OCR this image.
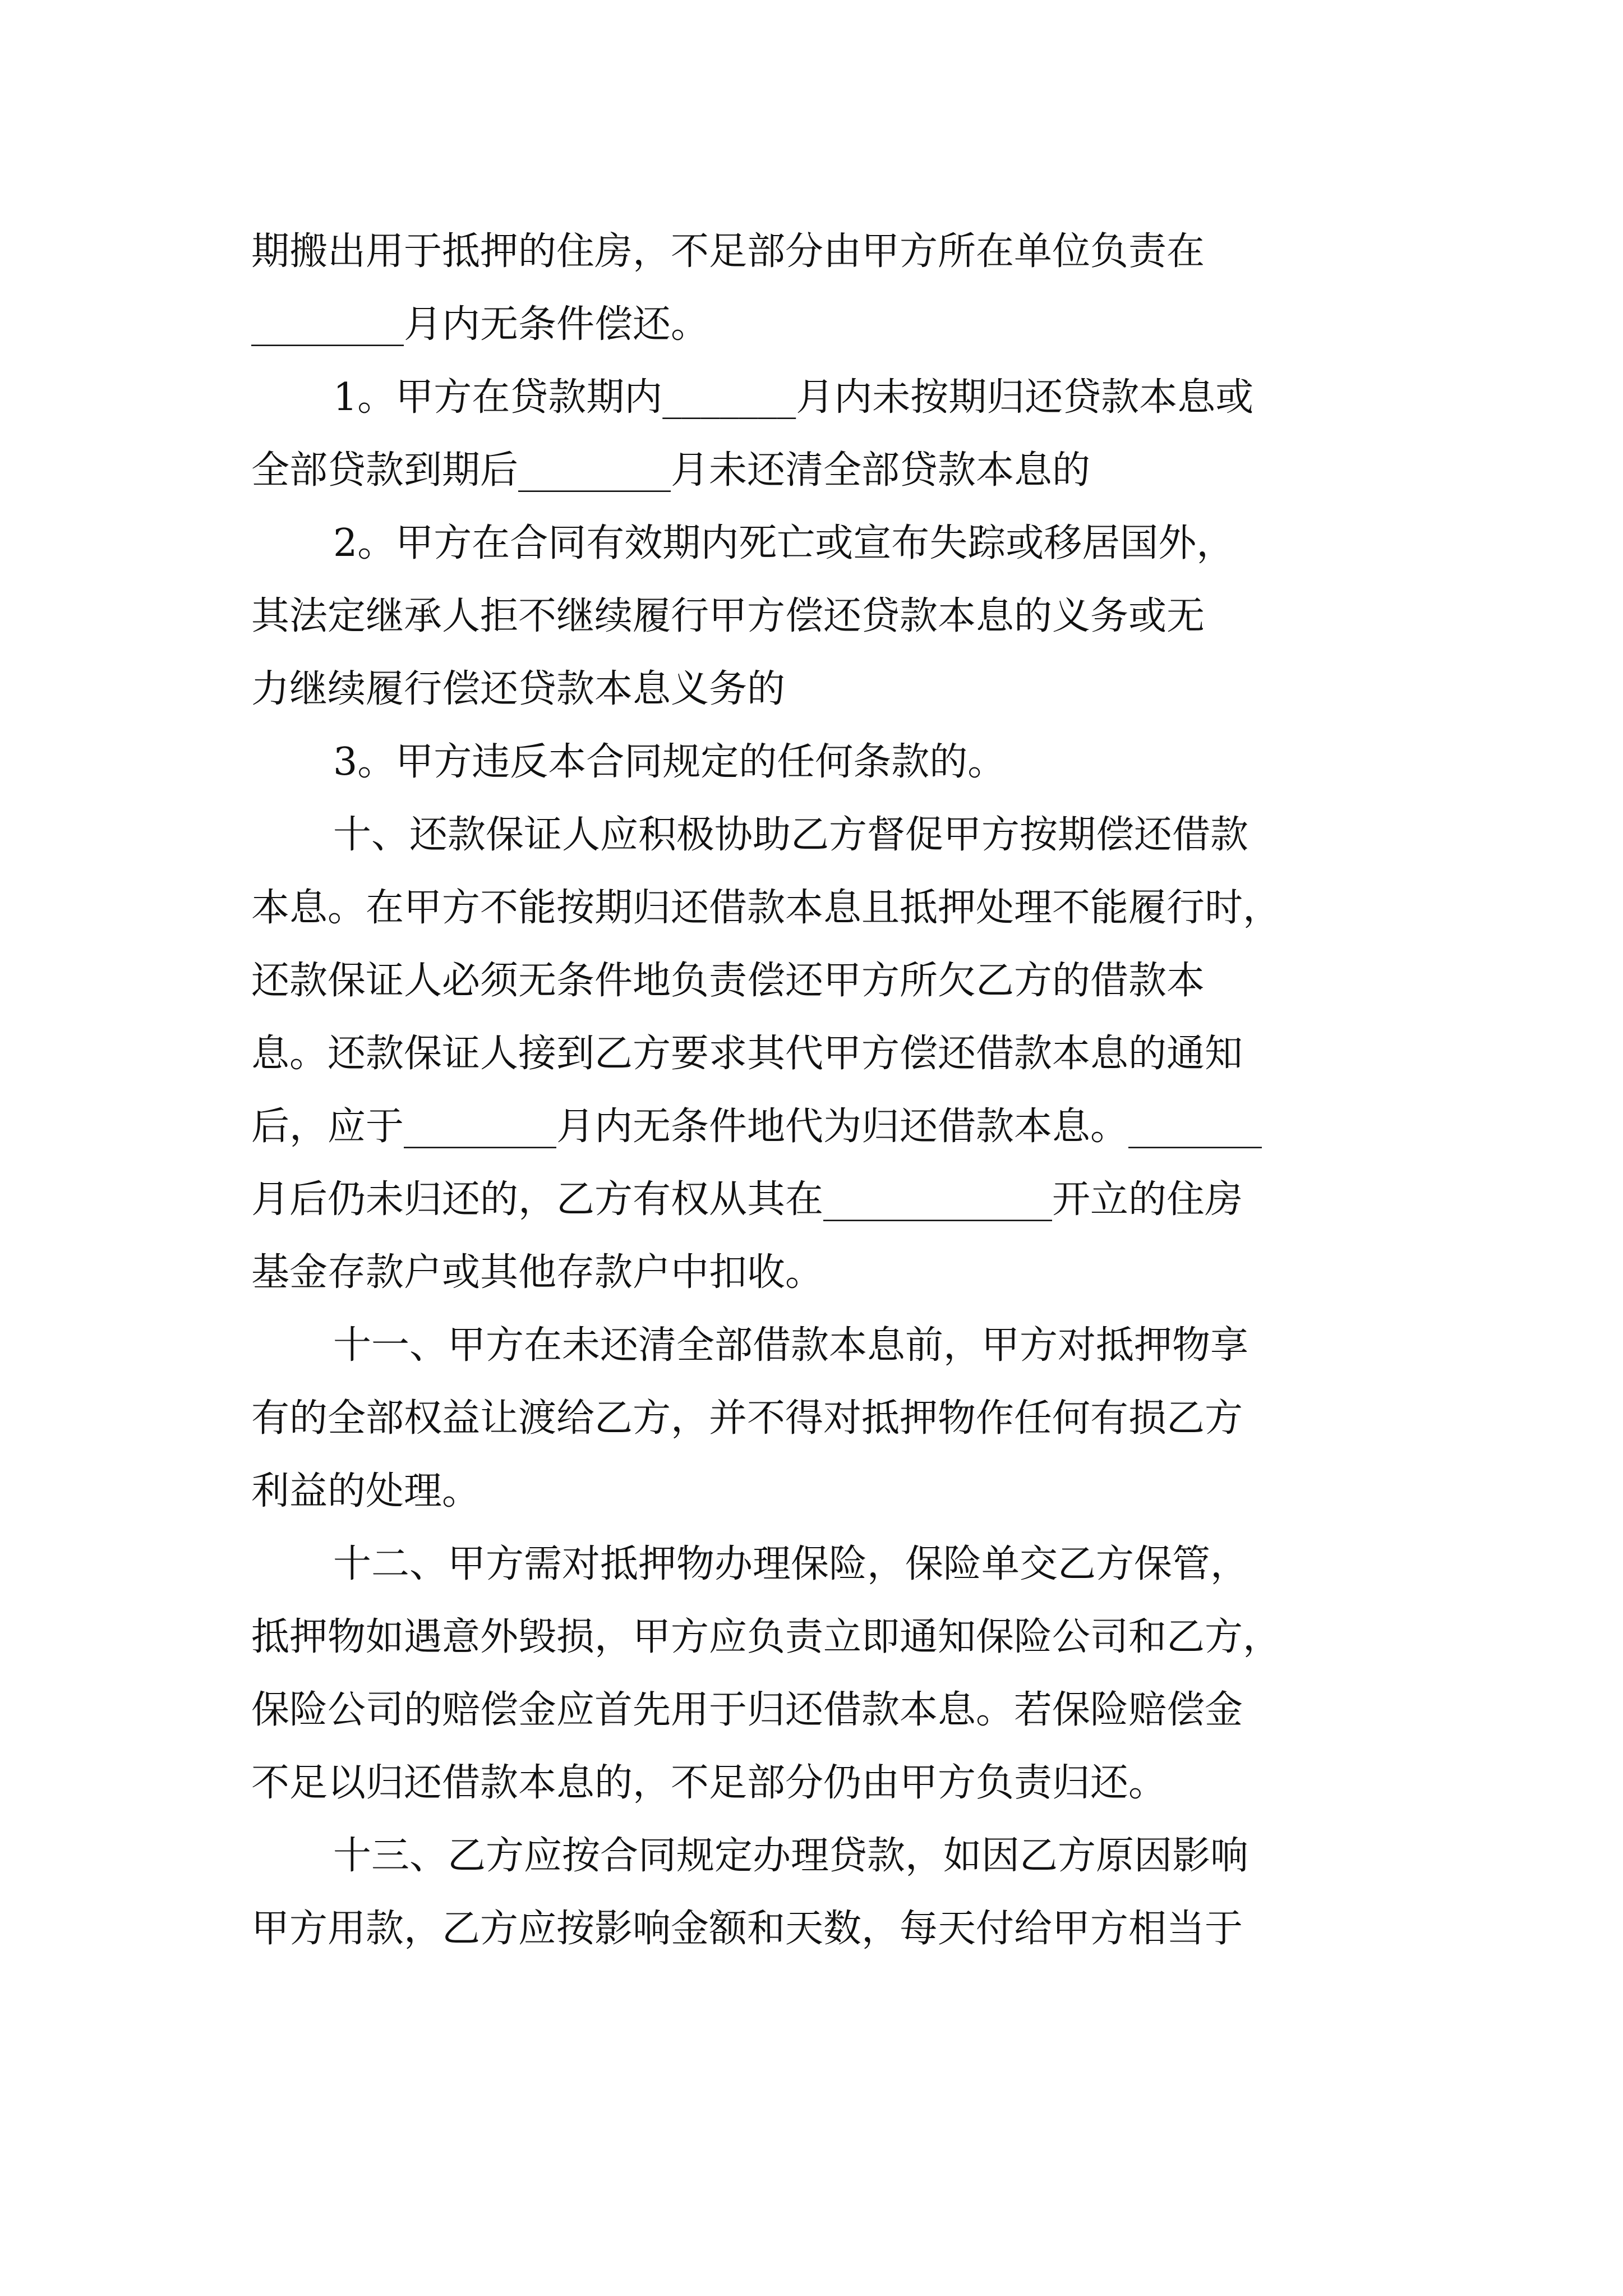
期搬出用于抵押的住房，不足部分由甲方所在单位负责在
________月内无条件偿还。
1。甲方在贷款期内_______月内未按期归还贷款本息或
全部贷款到期后________月未还清全部贷款本息的
2。甲方在合同有效期内死亡或宣布失踪或移居国外，
其法定继承人拒不继续履行甲方偿还贷款本息的义务或无
力继续履行偿还贷款本息义务的
3。甲方违反本合同规定的任何条款的。
十、还款保证人应积极协助乙方督促甲方按期偿还借款
本息。在甲方不能按期归还借款本息且抵押处理不能履行时，
还款保证人必须无条件地负责偿还甲方所欠乙方的借款本
息。还款保证人接到乙方要求其代甲方偿还借款本息的通知
后，应于________月内无条件地代为归还借款本息。_______
月后仍未归还的，乙方有权从其在____________开立的住房
基金存款户或其他存款户中扣收。
十一、甲方在未还清全部借款本息前，甲方对抵押物享
有的全部权益让渡给乙方，并不得对抵押物作任何有损乙方
利益的处理。
十二、甲方需对抵押物办理保险，保险单交乙方保管，
抵押物如遇意外毁损，甲方应负责立即通知保险公司和乙方，
保险公司的赔偿金应首先用于归还借款本息。若保险赔偿金
不足以归还借款本息的，不足部分仍由甲方负责归还。
十三、乙方应按合同规定办理贷款，如因乙方原因影响
甲方用款，乙方应按影响金额和天数，每天付给甲方相当于
